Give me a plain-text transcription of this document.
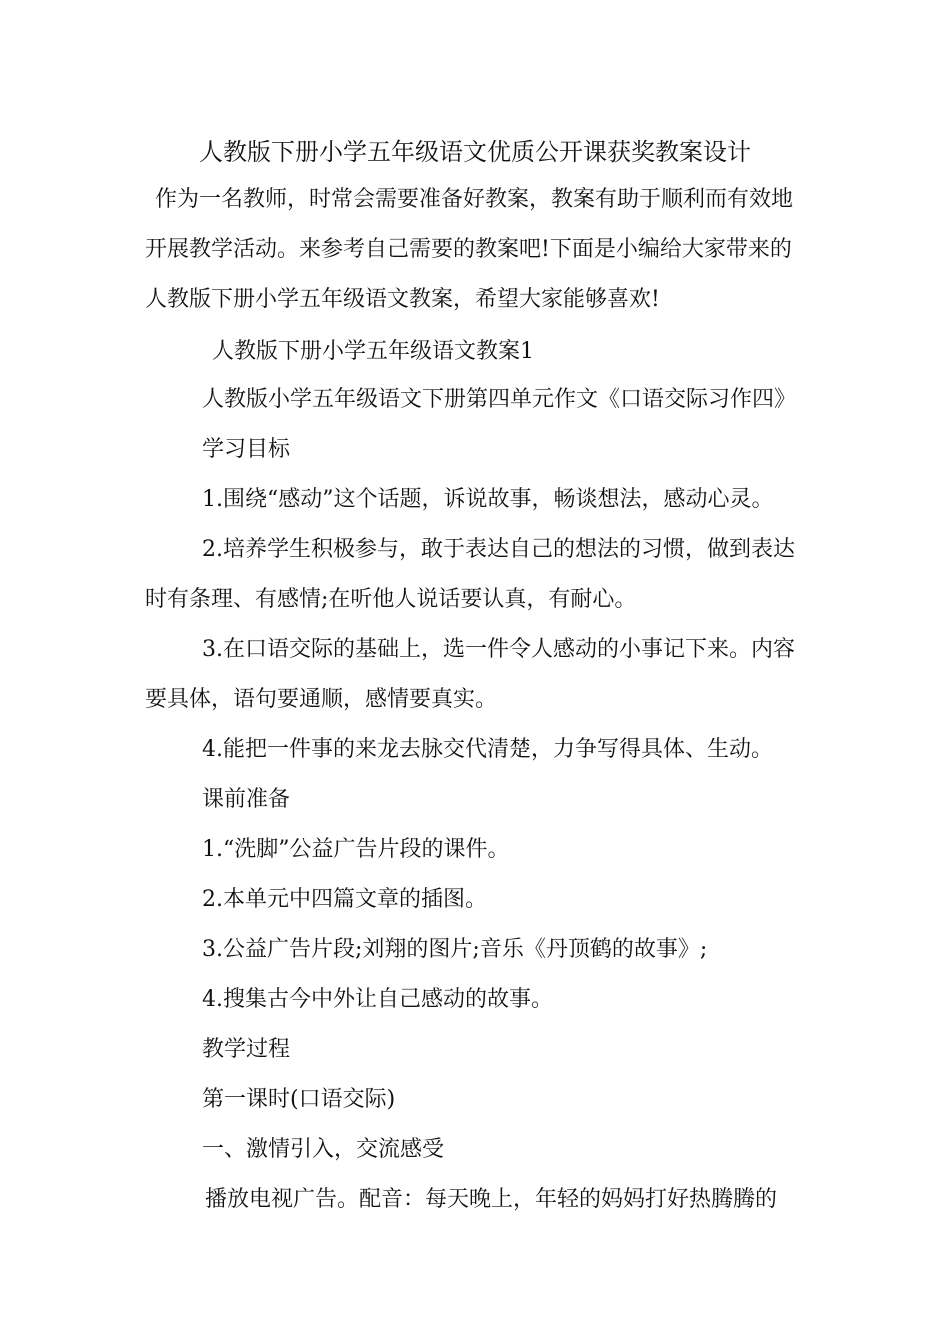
人教版下册小学五年级语文优质公开课获奖教案设计
作为一名教师，时常会需要准备好教案，教案有助于顺利而有效地
开展教学活动。来参考自己需要的教案吧!下面是小编给大家带来的
人教版下册小学五年级语文教案，希望大家能够喜欢!
人教版下册小学五年级语文教案1
人教版小学五年级语文下册第四单元作文《口语交际习作四》
学习目标
1.围绕“感动”这个话题，诉说故事，畅谈想法，感动心灵。
2.培养学生积极参与，敢于表达自己的想法的习惯，做到表达
时有条理、有感情;在听他人说话要认真，有耐心。
3.在口语交际的基础上，选一件令人感动的小事记下来。内容
要具体，语句要通顺，感情要真实。
4.能把一件事的来龙去脉交代清楚，力争写得具体、生动。
课前准备
1.“洗脚”公益广告片段的课件。
2.本单元中四篇文章的插图。
3.公益广告片段;刘翔的图片;音乐《丹顶鹤的故事》;
4.搜集古今中外让自己感动的故事。
教学过程
第一课时(口语交际)
一、激情引入，交流感受
播放电视广告。配音：每天晚上，年轻的妈妈打好热腾腾的
